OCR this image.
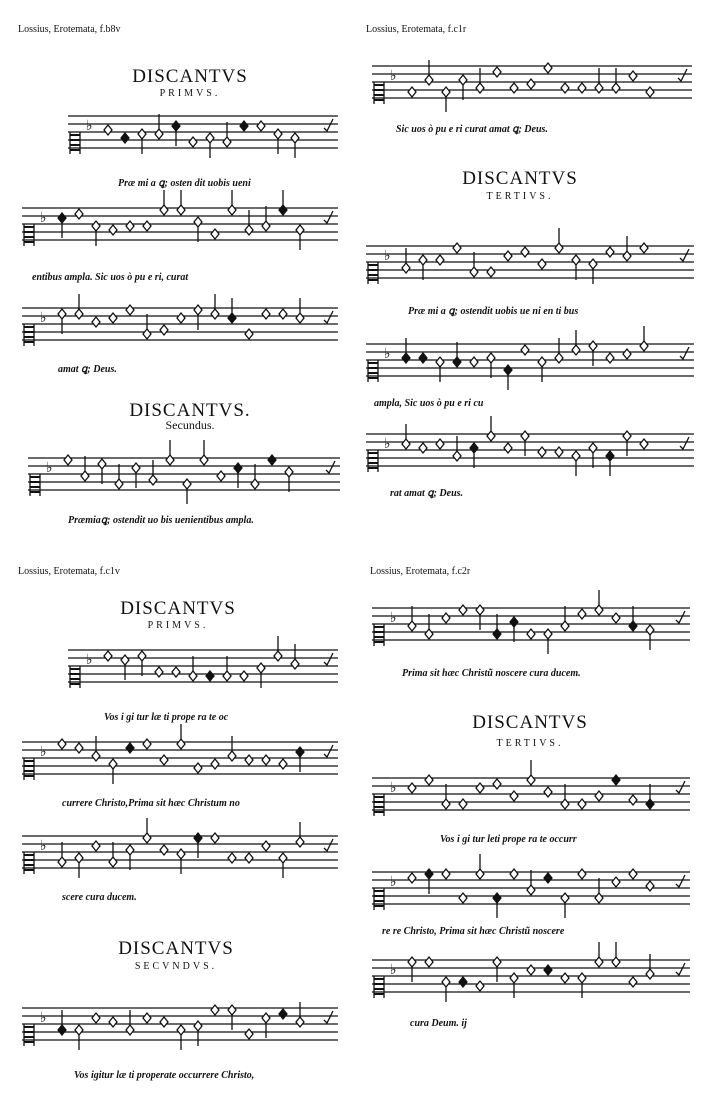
Lossius, Erotemata, f.b8v
DISCANTVS
PRIMVS.
♭
Præ mi a ꝗ; osten dit uobis ueni
♭
entibus ampla. Sic uos ò pu e ri, curat
♭
amat ꝗ; Deus.
DISCANTVS.
Secundus.
♭
Præmiaꝗ; ostendit uo bis uenientibus ampla.
Lossius, Erotemata, f.c1r
♭
Sic uos ò pu e ri curat amat ꝗ; Deus.
DISCANTVS
TERTIVS.
♭
Præ mi a ꝗ; ostendit uobis ue ni en ti bus
♭
ampla, Sic uos ò pu e ri cu
♭
rat amat ꝗ; Deus.
Lossius, Erotemata, f.c1v
DISCANTVS
PRIMVS.
♭
Vos i gi tur læ ti prope ra te oc
♭
currere Christo,Prima sit hæc Christum no
♭
scere cura ducem.
DISCANTVS
SECVNDVS.
♭
Vos igitur læ ti properate occurrere Christo,
Lossius, Erotemata, f.c2r
♭
Prima sit hæc Christũ noscere cura ducem.
DISCANTVS
TERTIVS.
♭
Vos i gi tur leti prope ra te occurr
♭
re re Christo, Prima sit hæc Christũ noscere
♭
cura Deum. ij
